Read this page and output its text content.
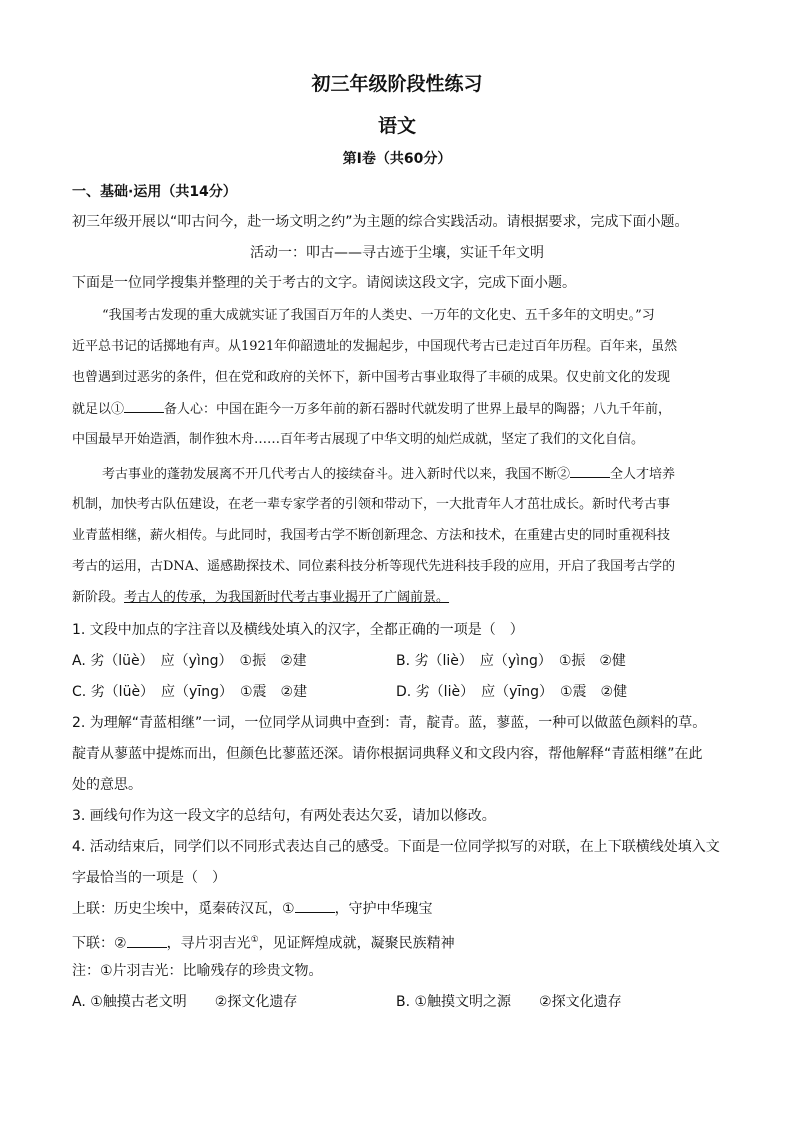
初三年级阶段性练习
语文
第Ⅰ卷（共60分）
一、基础·运用（共14分）
初三年级开展以“叩古问今，赴一场文明之约”为主题的综合实践活动。请根据要求，完成下面小题。
活动一：叩古——寻古迹于尘壤，实证千年文明
下面是一位同学搜集并整理的关于考古的文字。请阅读这段文字，完成下面小题。
“我国考古发现的重大成就实证了我国百万年的人类史、一万年的文化史、五千多年的文明史。”习
近平总书记的话掷地有声。从1921年仰韶遗址的发掘起步，中国现代考古已走过百年历程。百年来，虽然
也曾遇到过恶劣的条件，但在党和政府的关怀下，新中国考古事业取得了丰硕的成果。仅史前文化的发现
就足以①	备人心：中国在距今一万多年前的新石器时代就发明了世界上最早的陶器；八九千年前，
中国最早开始造酒，制作独木舟……百年考古展现了中华文明的灿烂成就，坚定了我们的文化自信。
考古事业的蓬勃发展离不开几代考古人的接续奋斗。进入新时代以来，我国不断②	全人才培养
机制，加快考古队伍建设，在老一辈专家学者的引领和带动下，一大批青年人才茁壮成长。新时代考古事
业青蓝相继，薪火相传。与此同时，我国考古学不断创新理念、方法和技术，在重建古史的同时重视科技
考古的运用，古DNA、遥感勘探技术、同位素科技分析等现代先进科技手段的应用，开启了我国考古学的
新阶段。考古人的传承，为我国新时代考古事业揭开了广阔前景。
1. 文段中加点的字注音以及横线处填入的汉字，全都正确的一项是（　）
A. 劣（lüè）　应（yìng）　①振　②建	B. 劣（liè）　应（yìng）　①振　②健
C. 劣（lüè）　应（yīng）　①震　②建	D. 劣（liè）　应（yīng）　①震　②健
2. 为理解“青蓝相继”一词，一位同学从词典中查到：青，靛青。蓝，蓼蓝，一种可以做蓝色颜料的草。
靛青从蓼蓝中提炼而出，但颜色比蓼蓝还深。请你根据词典释义和文段内容，帮他解释“青蓝相继”在此
处的意思。
3. 画线句作为这一段文字的总结句，有两处表达欠妥，请加以修改。
4. 活动结束后，同学们以不同形式表达自己的感受。下面是一位同学拟写的对联，在上下联横线处填入文
字最恰当的一项是（　）
上联：历史尘埃中，觅秦砖汉瓦，①	，守护中华瑰宝
下联：②	，寻片羽吉光①，见证辉煌成就，凝聚民族精神
注：①片羽吉光：比喻残存的珍贵文物。
A. ①触摸古老文明　　②探文化遗存	B. ①触摸文明之源　　②探文化遗存
